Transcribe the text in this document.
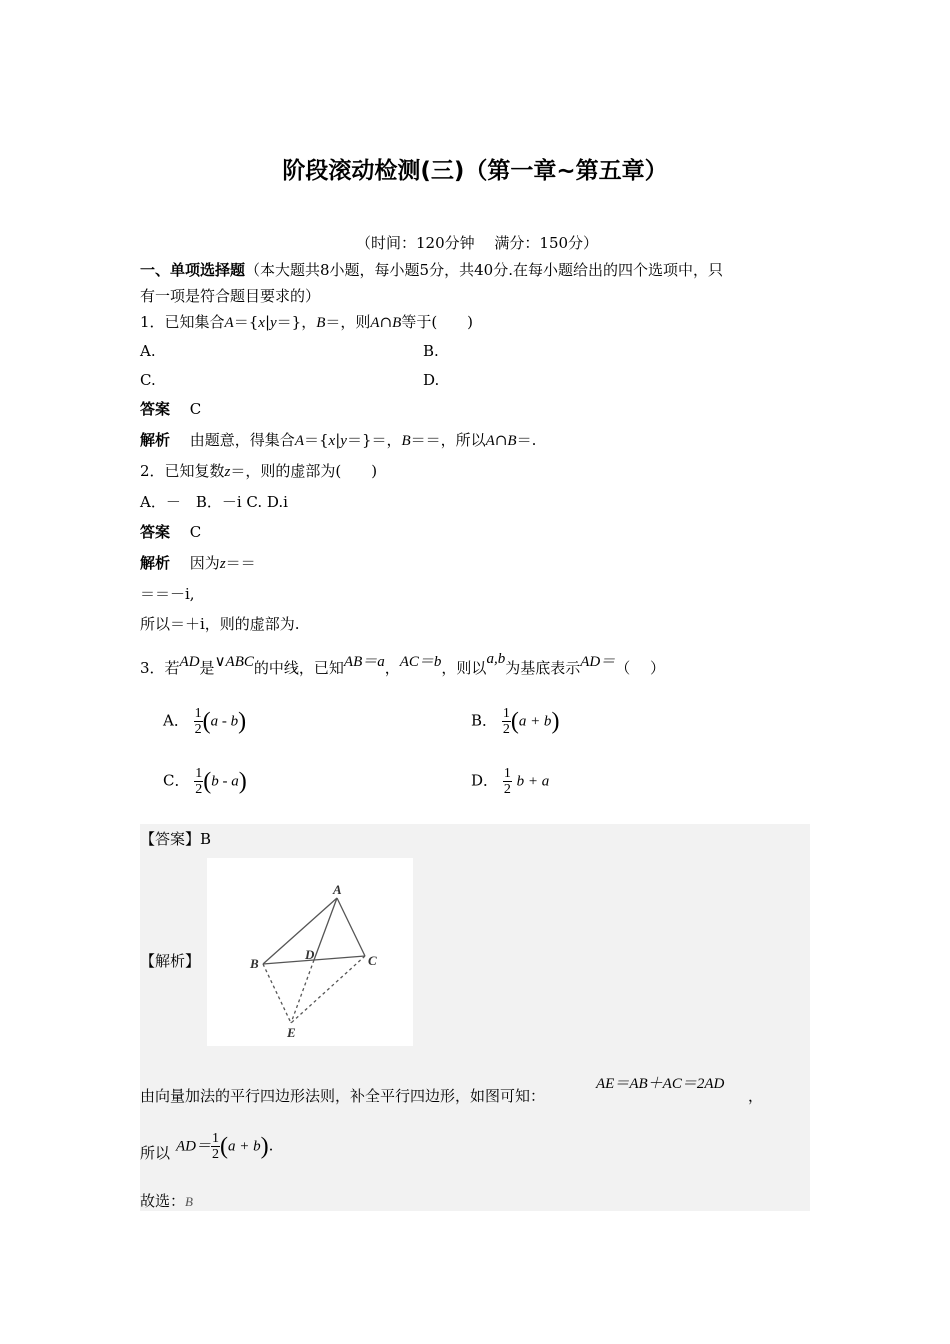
阶段滚动检测(三)（第一章~第五章）
（时间：120分钟　 满分：150分）
一、单项选择题（本大题共8小题，每小题5分，共40分.在每小题给出的四个选项中，只
有一项是符合题目要求的）
1．已知集合A＝{x|y＝}，B＝，则A∩B等于(　　)
A.	B.
C.	D.
答案　 C
解析　 由题意，得集合A＝{x|y＝}＝，B＝＝，所以A∩B＝.
2．已知复数z＝，则的虚部为(　　)
A．－　B．－i C. D.i
答案　 C
解析　 因为z＝＝
＝＝－i,
所以＝＋i，则的虚部为.
3．若AD是∨ABC的中线，已知AB＝a，AC＝b，则以a,b为基底表示AD＝（　 ）
A． $\frac{1}{2} (a - b)$	B． $\frac{1}{2} (a + b)$
C． $\frac{1}{2} (b - a)$	D． $\frac{1}{2}$ b + a
【答案】B
【解析】
A
B	C
D
E
由向量加法的平行四边形法则，补全平行四边形，如图可知：
AE＝AB＋AC＝2AD
，
所以 $AD= \frac{1}{2} (a + b)$.
故选：B
